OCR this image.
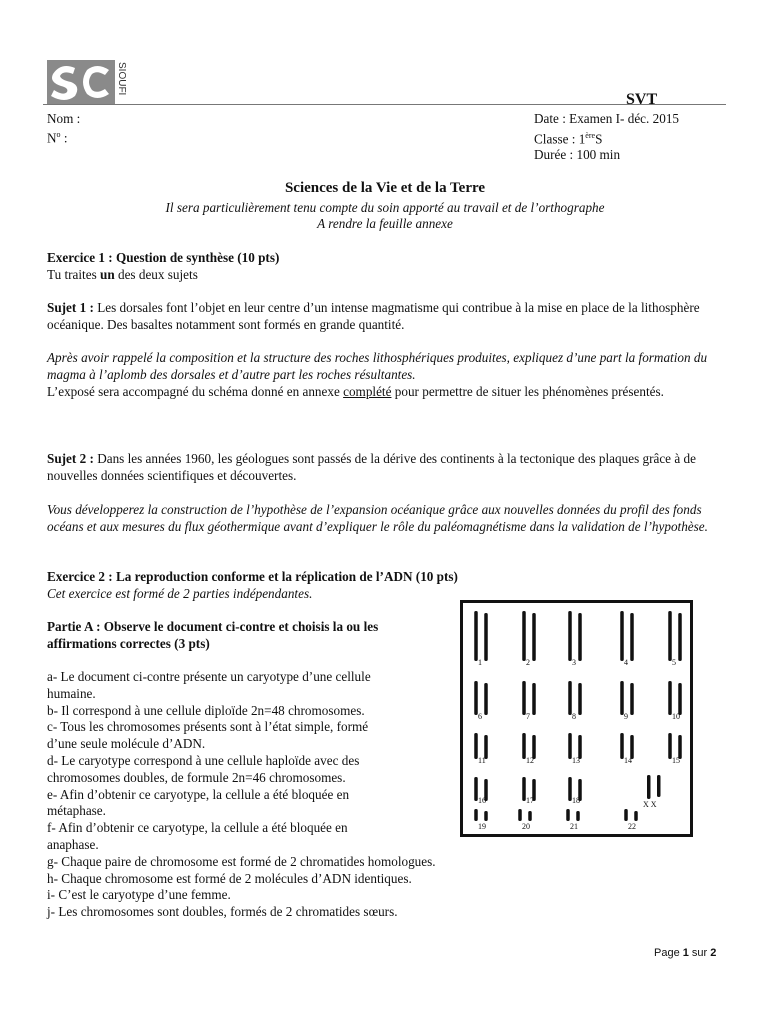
SIOUFI
SVT
Nom :
$N^o$ :
Date : Examen I- déc. 2015
Classe : 1èreS
Durée : 100 min
Sciences de la Vie et de la Terre
Il sera particulièrement tenu compte du soin apporté au travail et de l’orthographe
A rendre la feuille annexe
Exercice 1 : Question de synthèse (10 pts)
Tu traites un des deux sujets
Sujet 1 : Les dorsales font l’objet en leur centre d’un intense magmatisme qui contribue à la mise en place de la lithosphère océanique. Des basaltes notamment sont formés en grande quantité.
Après avoir rappelé la composition et la structure des roches lithosphériques produites, expliquez d’une part la formation du magma à l’aplomb des dorsales et d’autre part les roches résultantes.
L’exposé sera accompagné du schéma donné en annexe complété pour permettre de situer les phénomènes présentés.
Sujet 2 : Dans les années 1960, les géologues sont passés de la dérive des continents à la tectonique des plaques grâce à de nouvelles données scientifiques et découvertes.
Vous développerez la construction de l’hypothèse de l’expansion océanique grâce aux nouvelles données du profil des fonds océans et aux mesures du flux géothermique avant d’expliquer le rôle du paléomagnétisme dans la validation de l’hypothèse.
Exercice 2 : La reproduction conforme et la réplication de l’ADN (10 pts)
Cet exercice est formé de 2 parties indépendantes.
Partie A : Observe le document ci-contre et choisis la ou les
affirmations correctes (3 pts)
a- Le document ci-contre présente un caryotype d’une cellule
humaine.
b- Il correspond à une cellule diploïde 2n=48 chromosomes.
c- Tous les chromosomes présents sont à l’état simple, formé
d’une seule molécule d’ADN.
d- Le caryotype correspond à une cellule haploïde avec des
chromosomes doubles, de formule 2n=46 chromosomes.
e- Afin d’obtenir ce caryotype, la cellule a été bloquée en
métaphase.
f- Afin d’obtenir ce caryotype, la cellule a été bloquée en
anaphase.
g- Chaque paire de chromosome est formé de 2 chromatides homologues.
h- Chaque chromosome est formé de 2 molécules d’ADN identiques.
i- C’est le caryotype d’une femme.
j- Les chromosomes sont doubles, formés de 2 chromatides sœurs.
1	2	3	4	5
6	7	8	9	10
11	12	13	14	15
16	17	18
19	20	21	22
X X
Page 1 sur 2
